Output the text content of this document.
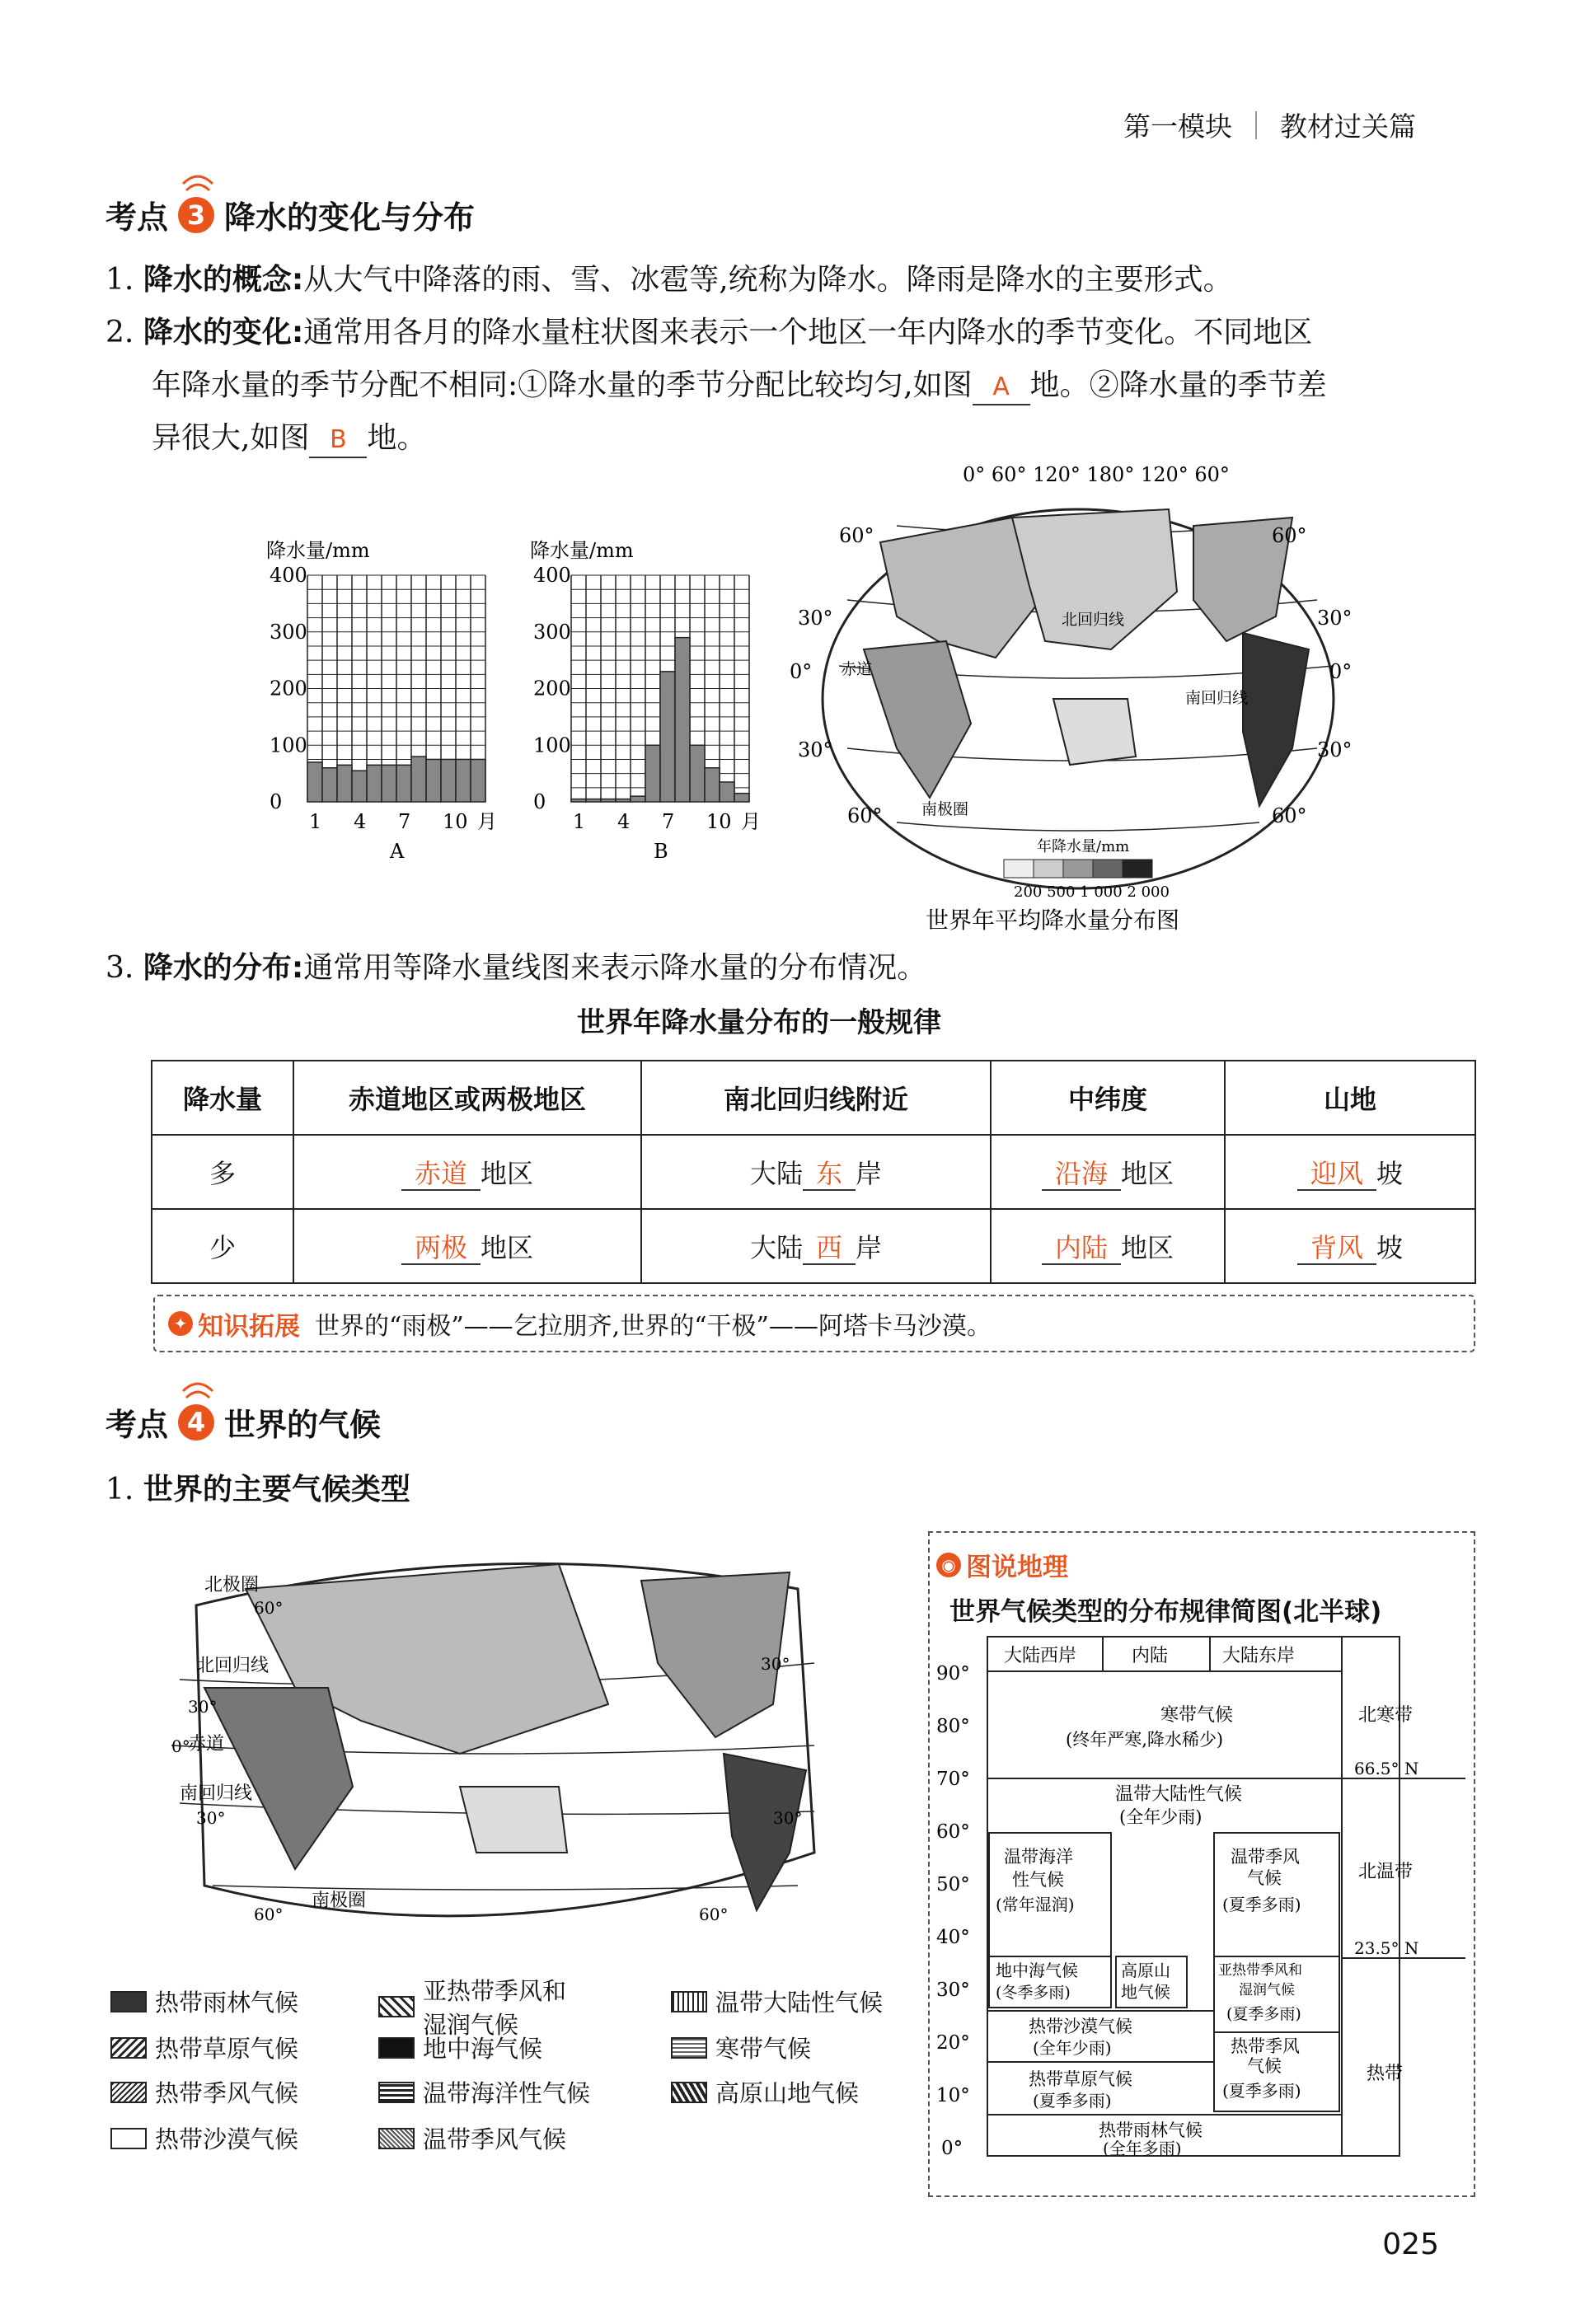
第一模块 教材过关篇
考点 3 降水的变化与分布
1. 降水的概念:从大气中降落的雨、雪、冰雹等,统称为降水。降雨是降水的主要形式。
2. 降水的变化:通常用各月的降水量柱状图来表示一个地区一年内降水的季节变化。不同地区
年降水量的季节分配不相同:①降水量的季节分配比较均匀,如图 A 地。②降水量的季节差
异很大,如图 B 地。
降水量/mm
0
100
200
300
400
1 4 7 10 月
A
降水量/mm
0
100
200
300
400
1 4 7 10 月
B
0° 60° 120° 180° 120° 60°
60°
30°
0°
30°
60°
60°
30°
0°
30°
60°
北回归线
赤道
南回归线
南极圈
年降水量/mm
200 500 1 000 2 000
世界年平均降水量分布图
3. 降水的分布:通常用等降水量线图来表示降水量的分布情况。
世界年降水量分布的一般规律
降水量	赤道地区或两极地区	南北回归线附近	中纬度	山地
多	赤道 地区	大陆 东 岸	沿海 地区	迎风 坡
少	两极 地区	大陆 西 岸	内陆 地区	背风 坡
✦ 知识拓展 世界的“雨极”——乞拉朋齐,世界的“干极”——阿塔卡马沙漠。
考点 4 世界的气候
1. 世界的主要气候类型
北极圈
北回归线
赤道
南回归线
南极圈
60°
30°
0°
30°
60°
30°
30°
60°
热带雨林气候	亚热带季风和湿润气候
温带大陆性气候
热带草原气候	地中海气候	寒带气候
热带季风气候	温带海洋性气候	高原山地气候
热带沙漠气候	温带季风气候
◉ 图说地理
世界气候类型的分布规律简图(北半球)
90°
80°
70°
60°
50°
40°
30°
20°
10°
0°
大陆西岸	内陆	大陆东岸
寒带气候
(终年严寒,降水稀少)
温带大陆性气候
(全年少雨)
温带海洋
性气候
(常年湿润)
温带季风
气候
(夏季多雨)
地中海气候
(冬季多雨)
高原山
地气候
亚热带季风和
湿润气候
(夏季多雨)
热带沙漠气候
(全年少雨)	热带季风
气候
(夏季多雨)
热带草原气候
(夏季多雨)
热带雨林气候
(全年多雨)
66.5° N
23.5° N
北寒带
北温带
热带
025
